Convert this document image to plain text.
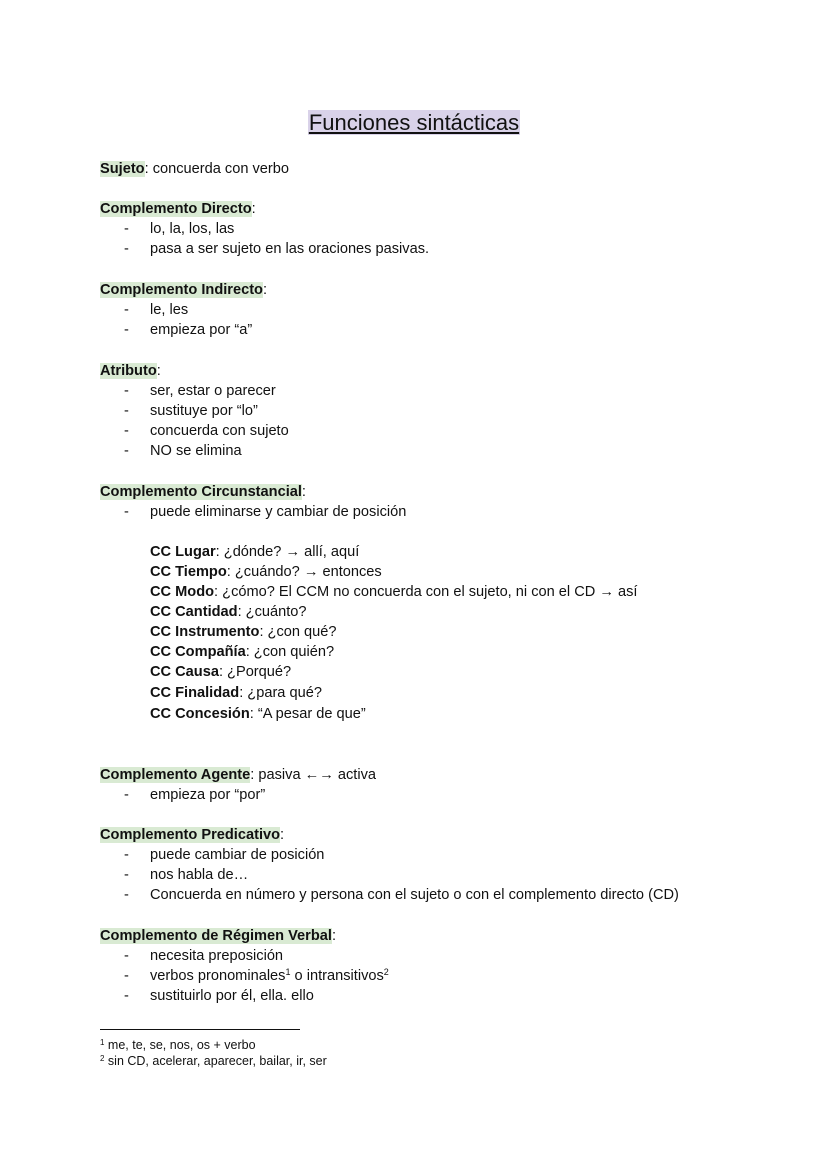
Funciones sintácticas
Sujeto: concuerda con verbo
Complemento Directo:
- lo, la, los, las
- pasa a ser sujeto en las oraciones pasivas.
Complemento Indirecto:
- le, les
- empieza por “a”
Atributo:
- ser, estar o parecer
- sustituye por “lo”
- concuerda con sujeto
- NO se elimina
Complemento Circunstancial:
- puede eliminarse y cambiar de posición
CC Lugar: ¿dónde? → allí, aquí
CC Tiempo: ¿cuándo? → entonces
CC Modo: ¿cómo? El CCM no concuerda con el sujeto, ni con el CD → así
CC Cantidad: ¿cuánto?
CC Instrumento: ¿con qué?
CC Compañía: ¿con quién?
CC Causa: ¿Porqué?
CC Finalidad: ¿para qué?
CC Concesión: “A pesar de que”
Complemento Agente: pasiva ←→ activa
- empieza por “por”
Complemento Predicativo:
- puede cambiar de posición
- nos habla de…
- Concuerda en número y persona con el sujeto o con el complemento directo (CD)
Complemento de Régimen Verbal:
- necesita preposición
- verbos pronominales$^1$ o intransitivos$^2$
- sustituirlo por él, ella. ello
$^1$ me, te, se, nos, os + verbo
$^2$ sin CD, acelerar, aparecer, bailar, ir, ser
